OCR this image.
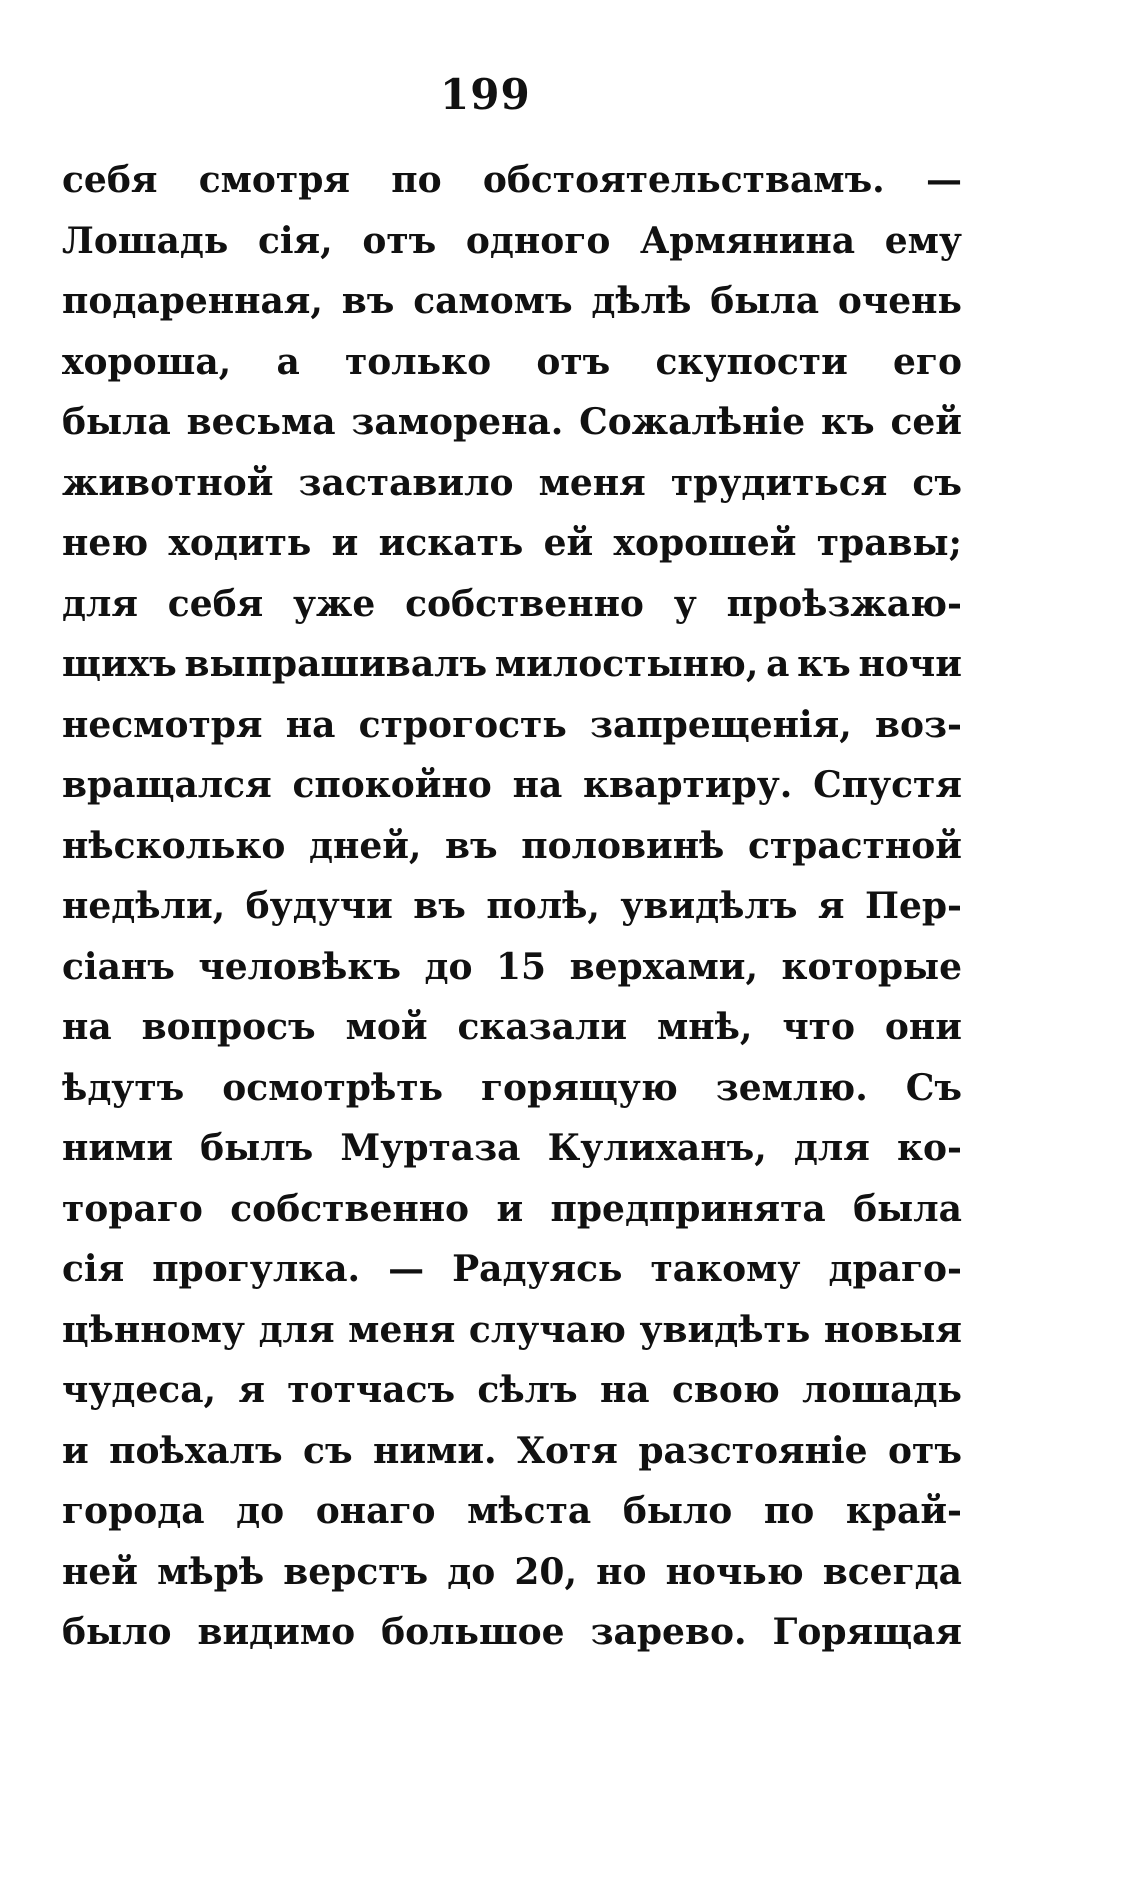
199
себя смотря по обстоятельствамъ. —
Лошадь сія, отъ одного Армянина ему
подаренная, въ самомъ дѣлѣ была очень
хороша, а только отъ скупости его
была весьма заморена. Сожалѣніе къ сей
животной заставило меня трудиться съ
нею ходить и искать ей хорошей травы;
для себя уже собственно у проѣзжаю-
щихъ выпрашивалъ милостыню, а къ ночи
несмотря на строгость запрещенія, воз-
вращался спокойно на квартиру. Спустя
нѣсколько дней, въ половинѣ страстной
недѣли, будучи въ полѣ, увидѣлъ я Пер-
сіанъ человѣкъ до 15 верхами, которые
на вопросъ мой сказали мнѣ, что они
ѣдутъ осмотрѣть горящую землю. Съ
ними былъ Муртаза Кулиханъ, для ко-
тораго собственно и предпринята была
сія прогулка. — Радуясь такому драго-
цѣнному для меня случаю увидѣть новыя
чудеса, я тотчасъ сѣлъ на свою лошадь
и поѣхалъ съ ними. Хотя разстояніе отъ
города до онаго мѣста было по край-
ней мѣрѣ верстъ до 20, но ночью всегда
было видимо большое зарево. Горящая
